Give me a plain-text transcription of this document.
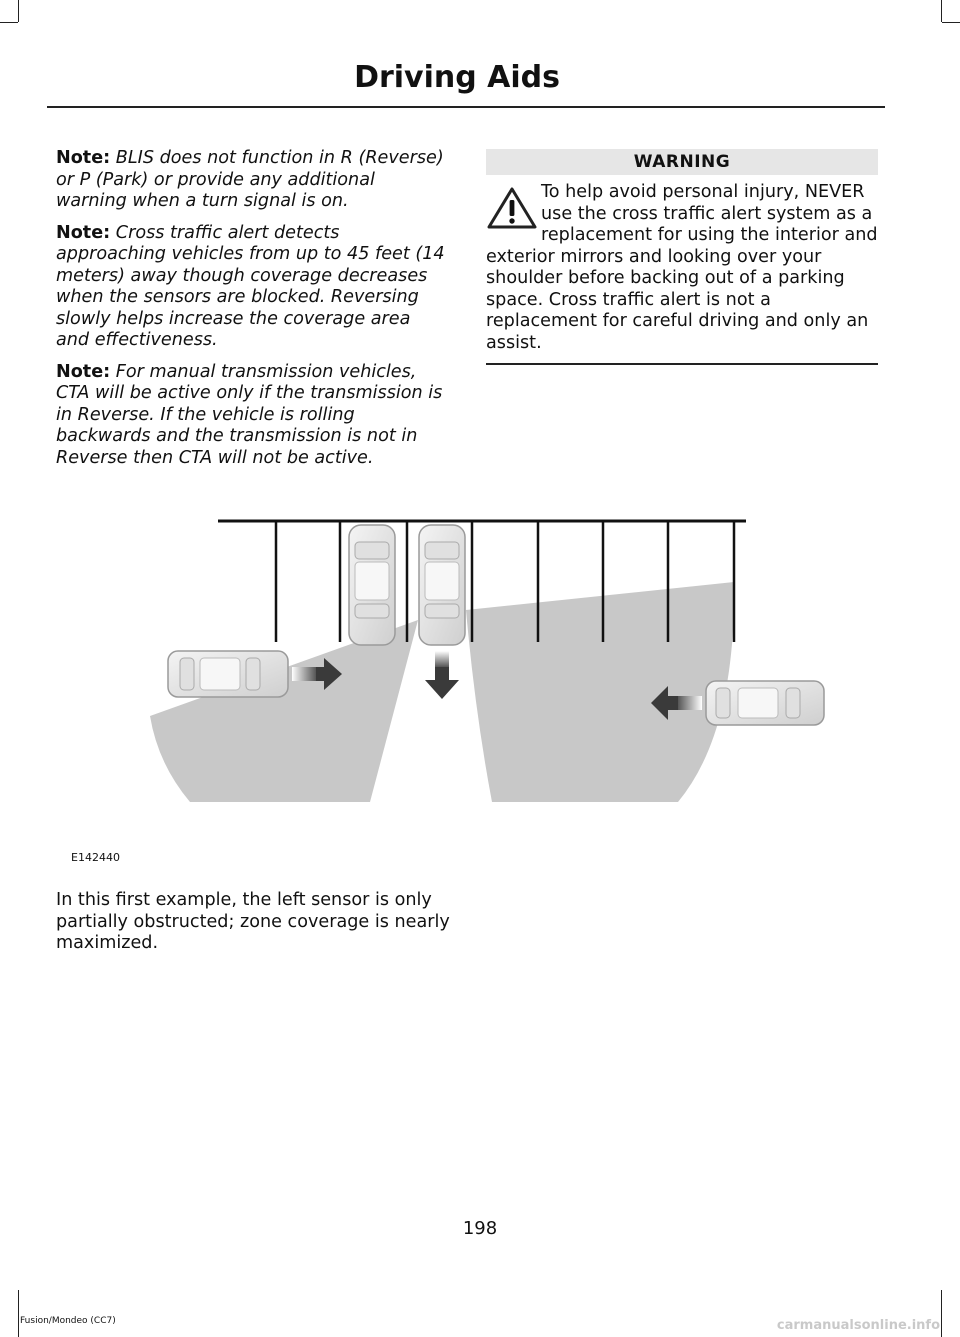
Driving Aids

Note: BLIS does not function in R (Reverse) or P (Park) or provide any additional warning when a turn signal is on.

Note: Cross traffic alert detects approaching vehicles from up to 45 feet (14 meters) away though coverage decreases when the sensors are blocked. Reversing slowly helps increase the coverage area and effectiveness.

Note: For manual transmission vehicles, CTA will be active only if the transmission is in Reverse. If the vehicle is rolling backwards and the transmission is not in Reverse then CTA will not be active.

WARNING
To help avoid personal injury, NEVER use the cross traffic alert system as a replacement for using the interior and exterior mirrors and looking over your shoulder before backing out of a parking space. Cross traffic alert is not a replacement for careful driving and only an assist.
E142440

In this first example, the left sensor is only partially obstructed; zone coverage is nearly maximized.

198
Fusion/Mondeo (CC7)	carmanualsonline.info
